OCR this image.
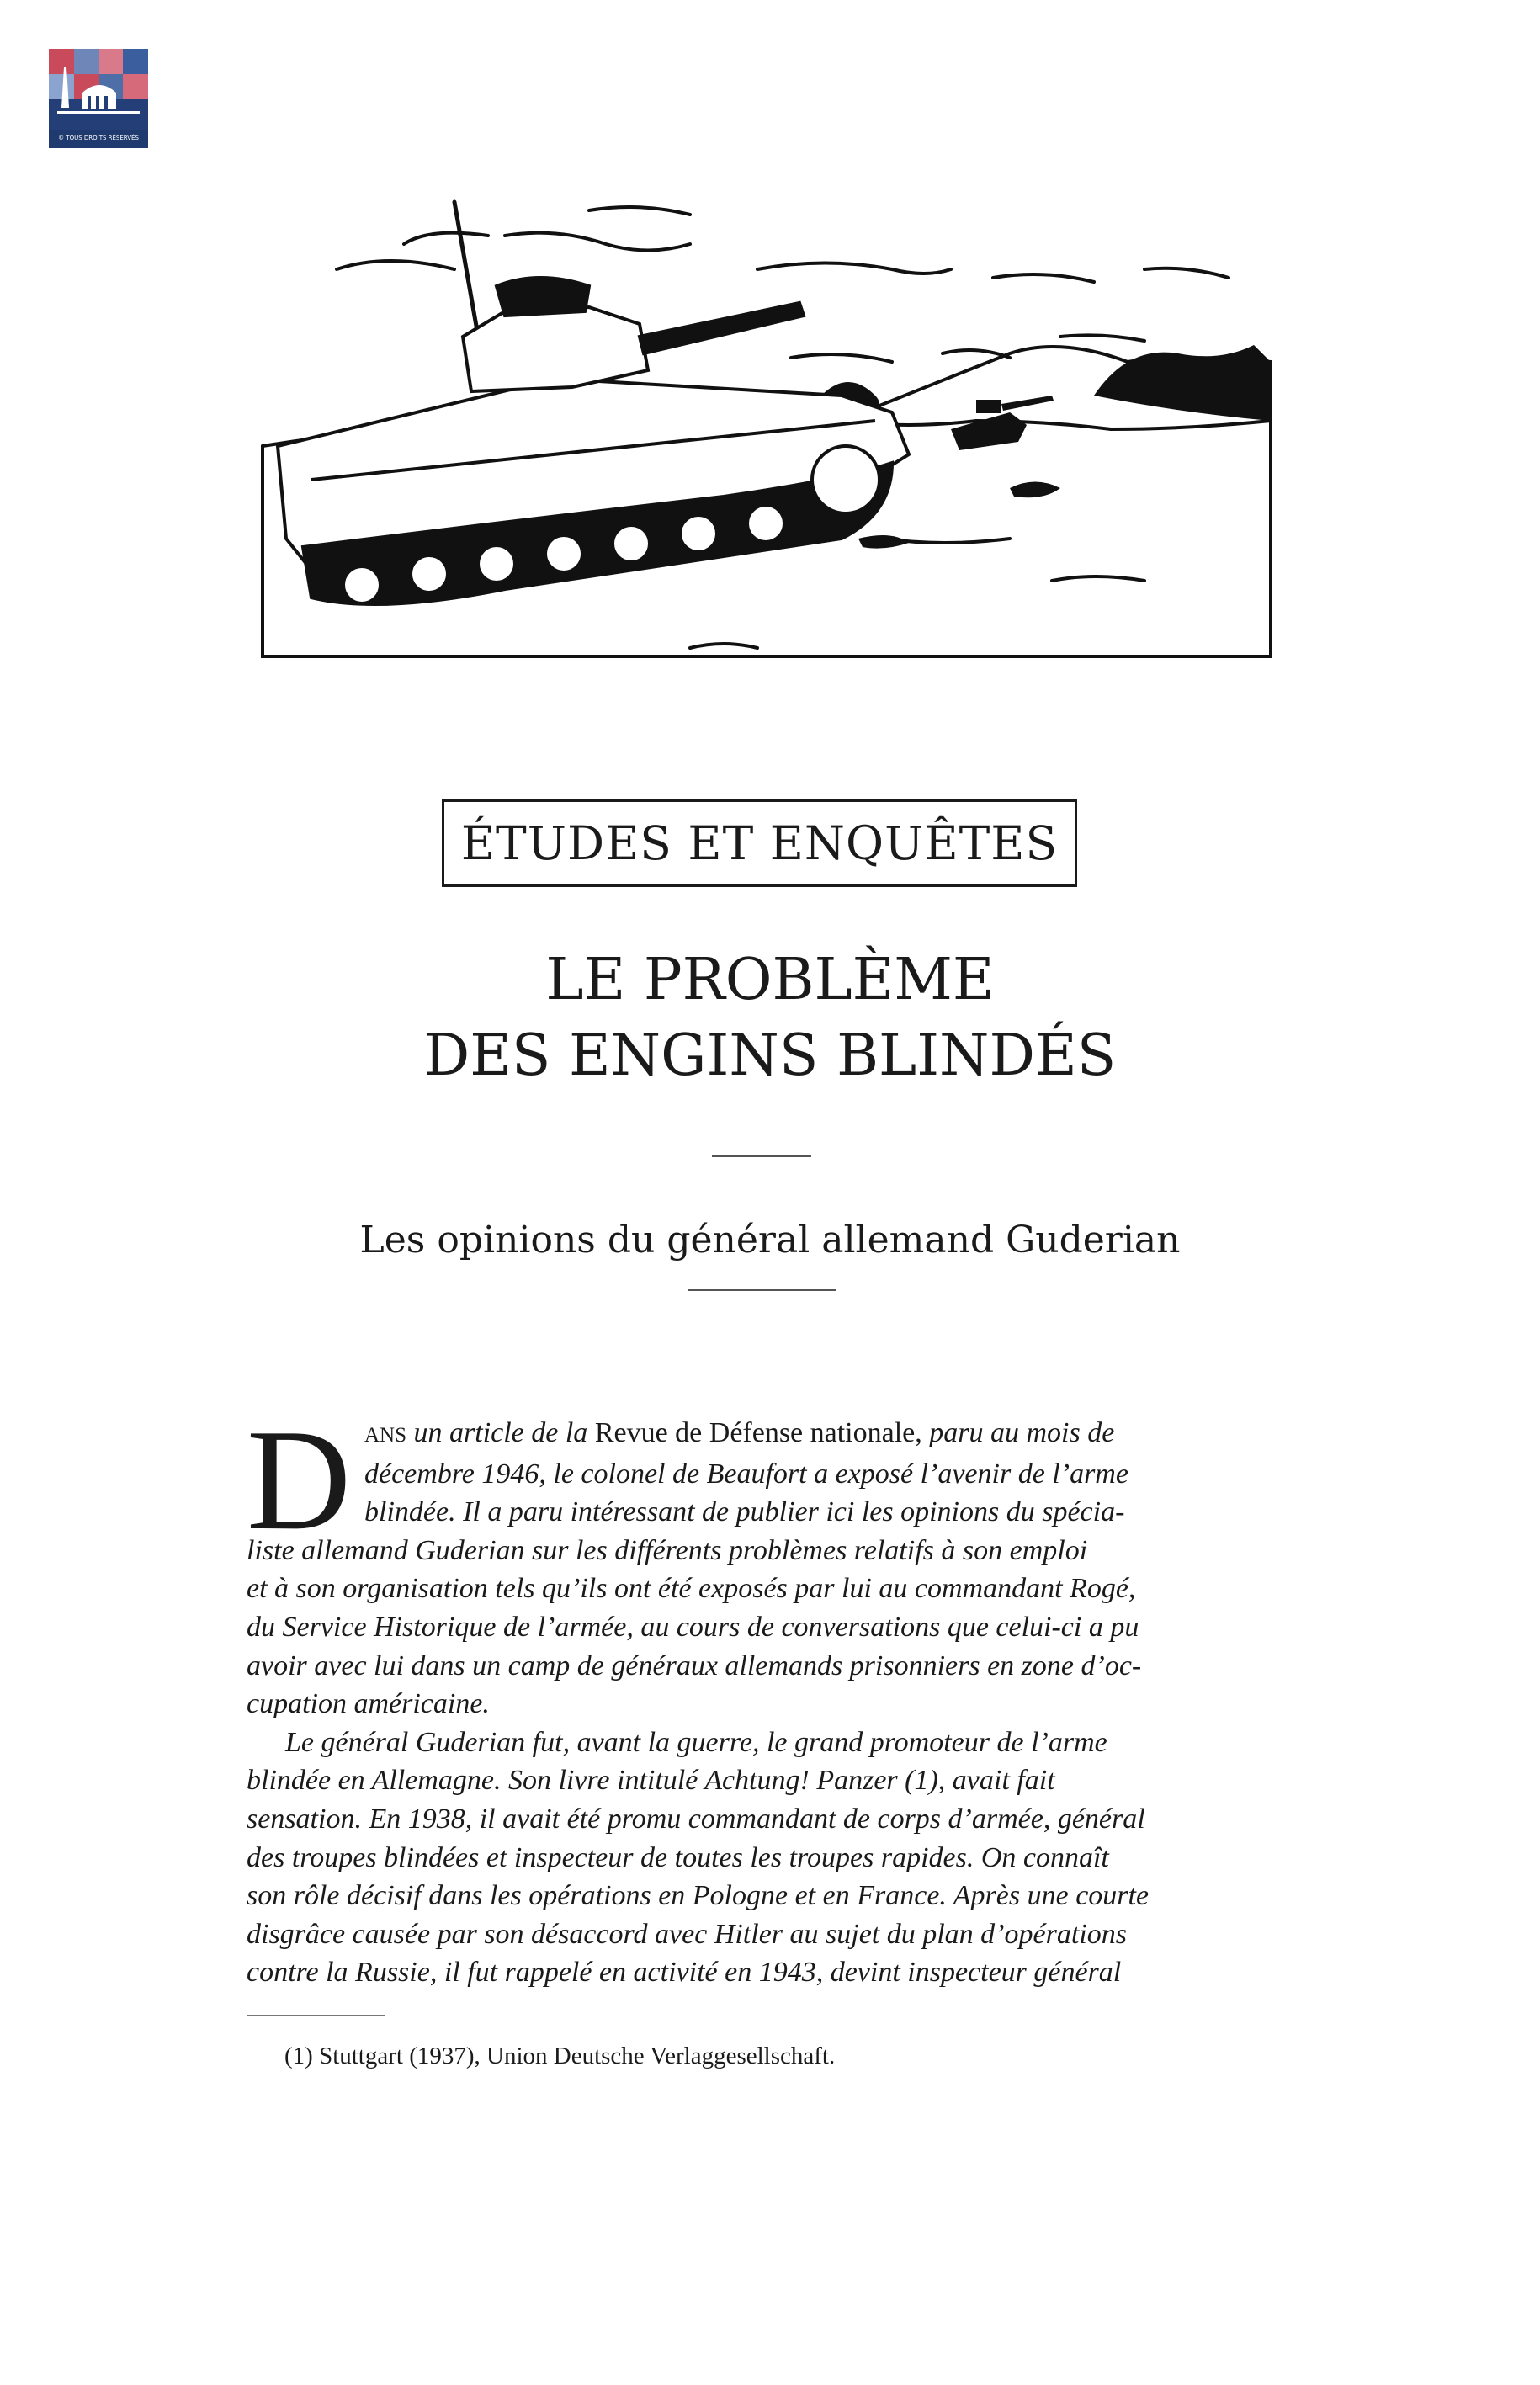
© TOUS DROITS RÉSERVÉS
ÉTUDES ET ENQUÊTES
LE PROBLÈME
DES ENGINS BLINDÉS
Les opinions du général allemand Guderian
D ANS un article de la Revue de Défense nationale, paru au mois de
décembre 1946, le colonel de Beaufort a exposé l’avenir de l’arme
blindée. Il a paru intéressant de publier ici les opinions du spécia-
liste allemand Guderian sur les différents problèmes relatifs à son emploi
et à son organisation tels qu’ils ont été exposés par lui au commandant Rogé,
du Service Historique de l’armée, au cours de conversations que celui-ci a pu
avoir avec lui dans un camp de généraux allemands prisonniers en zone d’oc-
cupation américaine.
Le général Guderian fut, avant la guerre, le grand promoteur de l’arme
blindée en Allemagne. Son livre intitulé Achtung! Panzer (1), avait fait
sensation. En 1938, il avait été promu commandant de corps d’armée, général
des troupes blindées et inspecteur de toutes les troupes rapides. On connaît
son rôle décisif dans les opérations en Pologne et en France. Après une courte
disgrâce causée par son désaccord avec Hitler au sujet du plan d’opérations
contre la Russie, il fut rappelé en activité en 1943, devint inspecteur général
(1) Stuttgart (1937), Union Deutsche Verlaggesellschaft.
